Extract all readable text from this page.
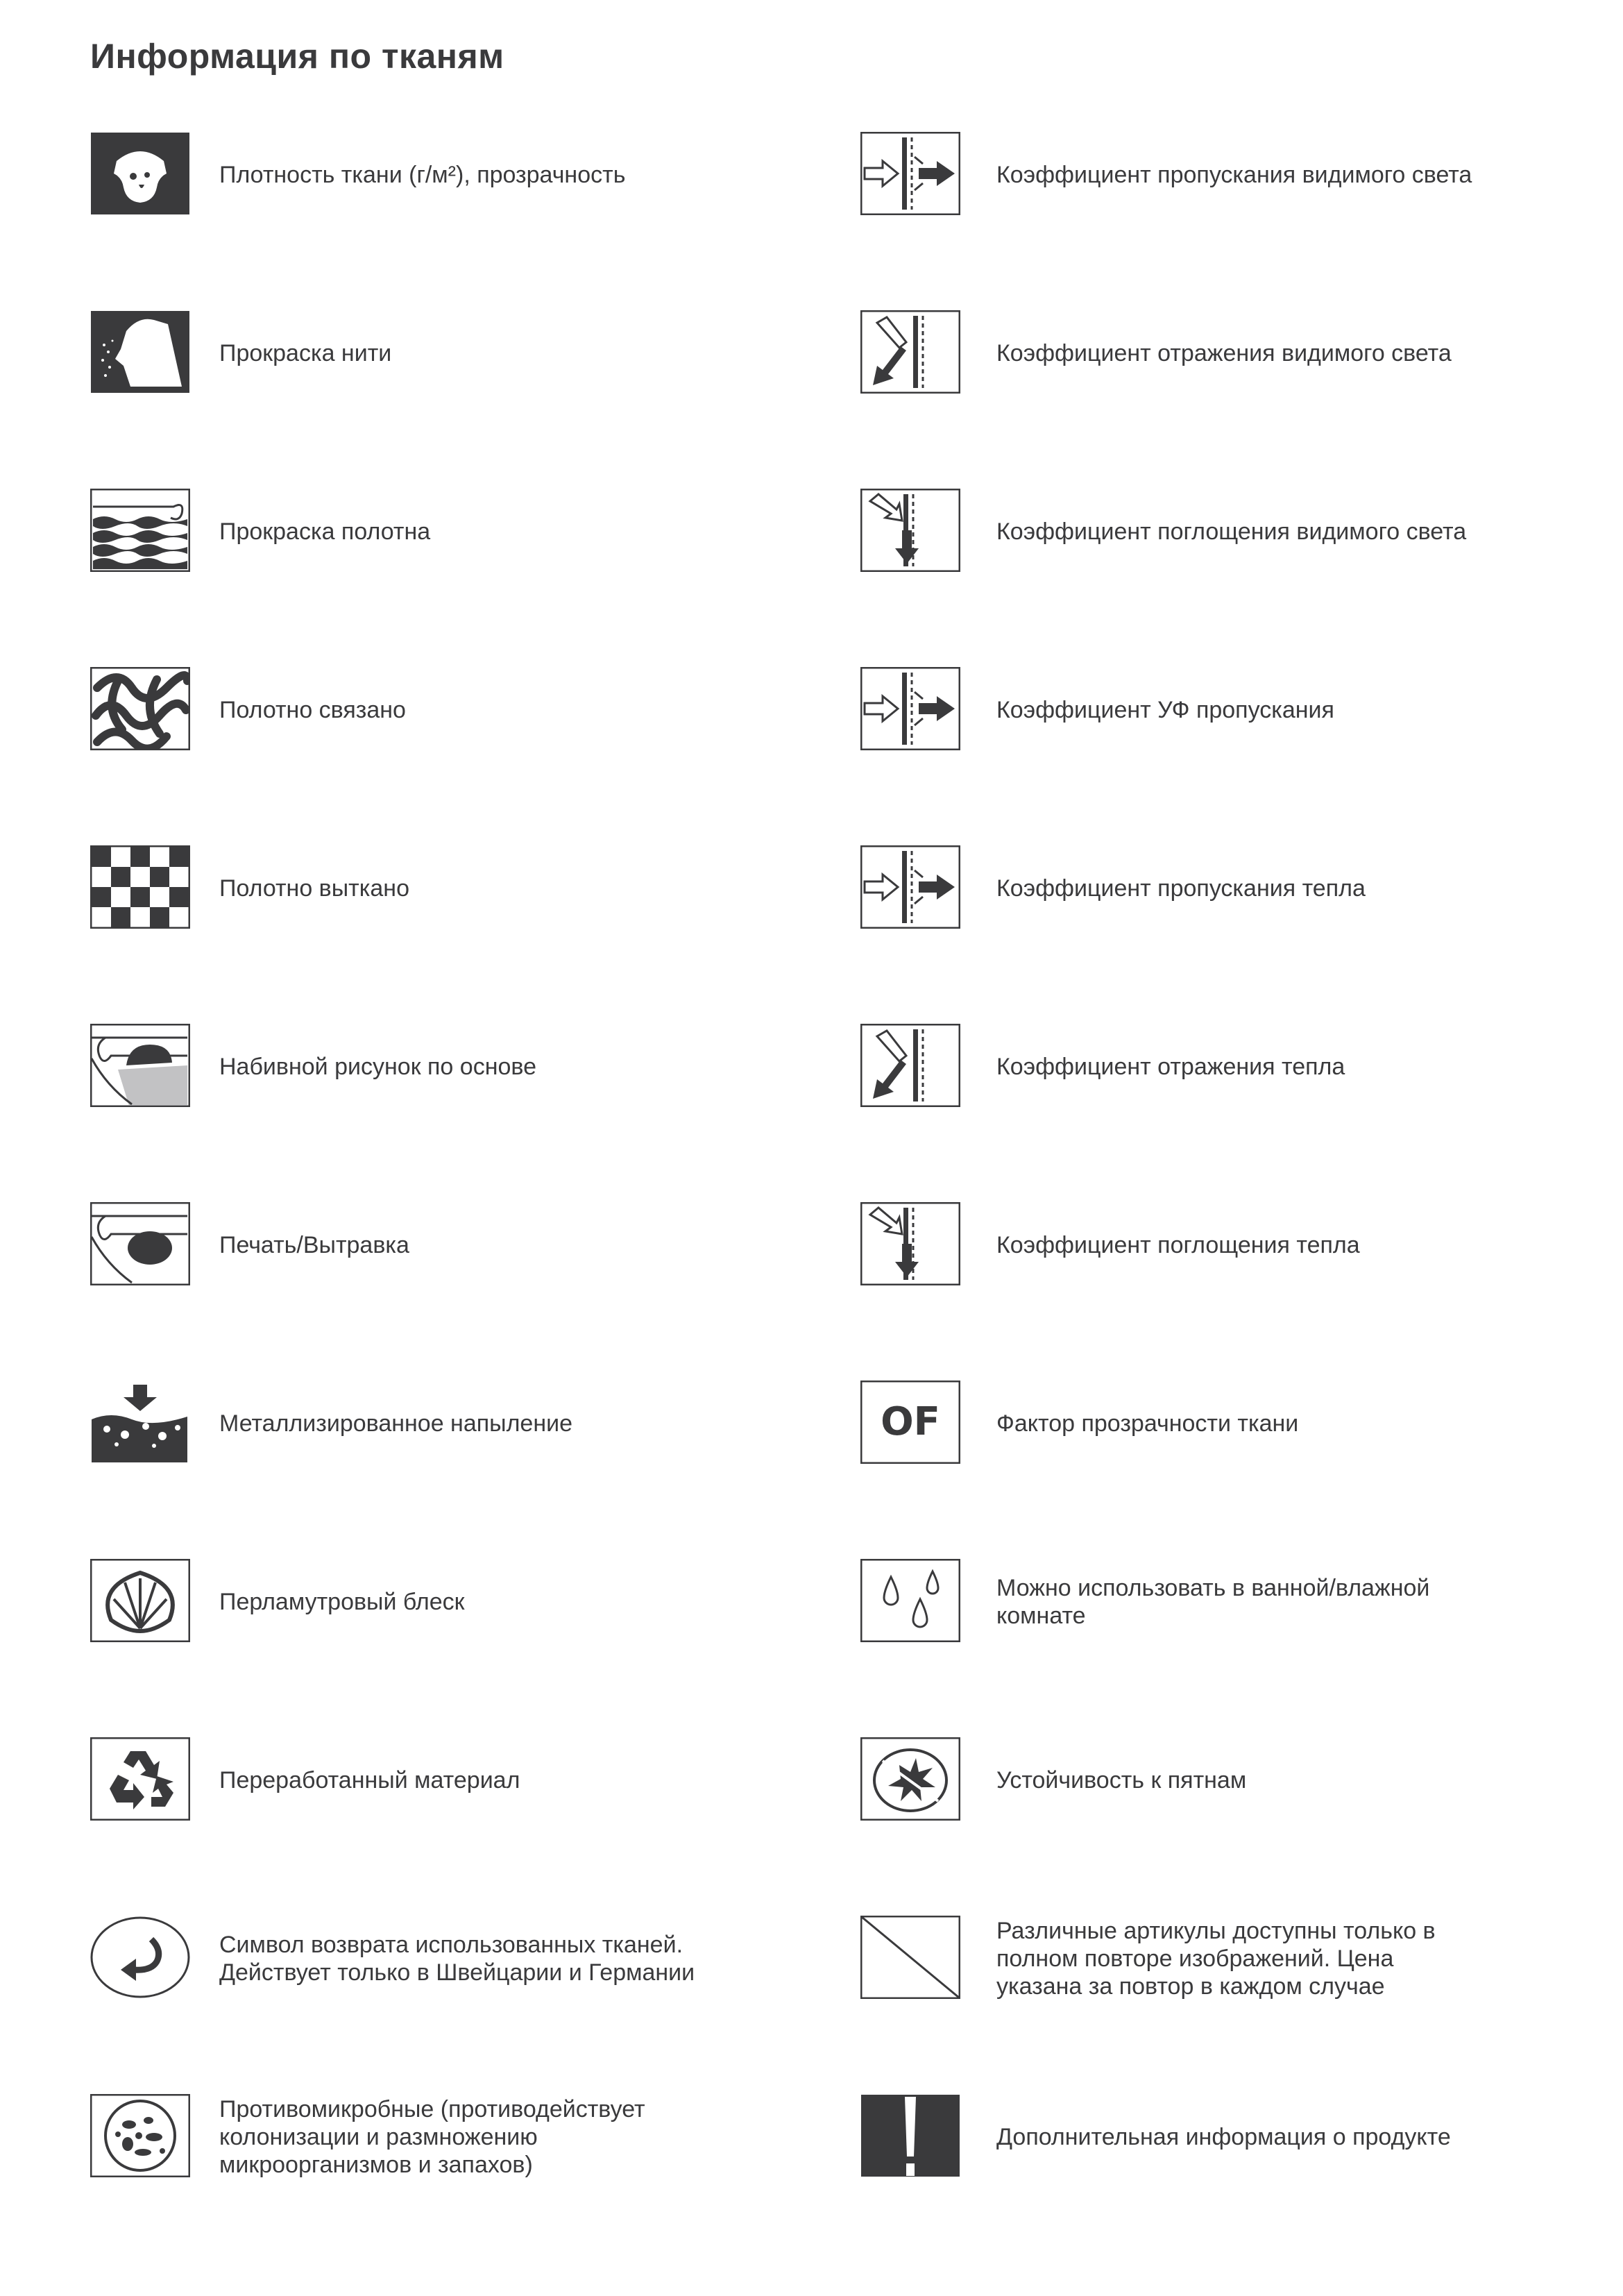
Информация по тканям
Плотность ткани (г/м²), прозрачность
Прокраска нити
Прокраска полотна
Полотно связано
Полотно выткано
Набивной рисунок по основе
Печать/Вытравка
Металлизированное напыление
Перламутровый блеск
Переработанный материал
Символ возврата использованных тканей.
Действует только в Швейцарии и Германии
Противомикробные (противодействует
колонизации и размножению
микроорганизмов и запахов)
Коэффициент пропускания видимого света
Коэффициент отражения видимого света
Коэффициент поглощения видимого света
Коэффициент УФ пропускания
Коэффициент пропускания тепла
Коэффициент отражения тепла
Коэффициент поглощения тепла
OF Фактор прозрачности ткани
Можно использовать в ванной/влажной
комнате
Устойчивость к пятнам
Различные артикулы доступны только в
полном повторе изображений. Цена
указана за повтор в каждом случае
Дополнительная информация о продукте
